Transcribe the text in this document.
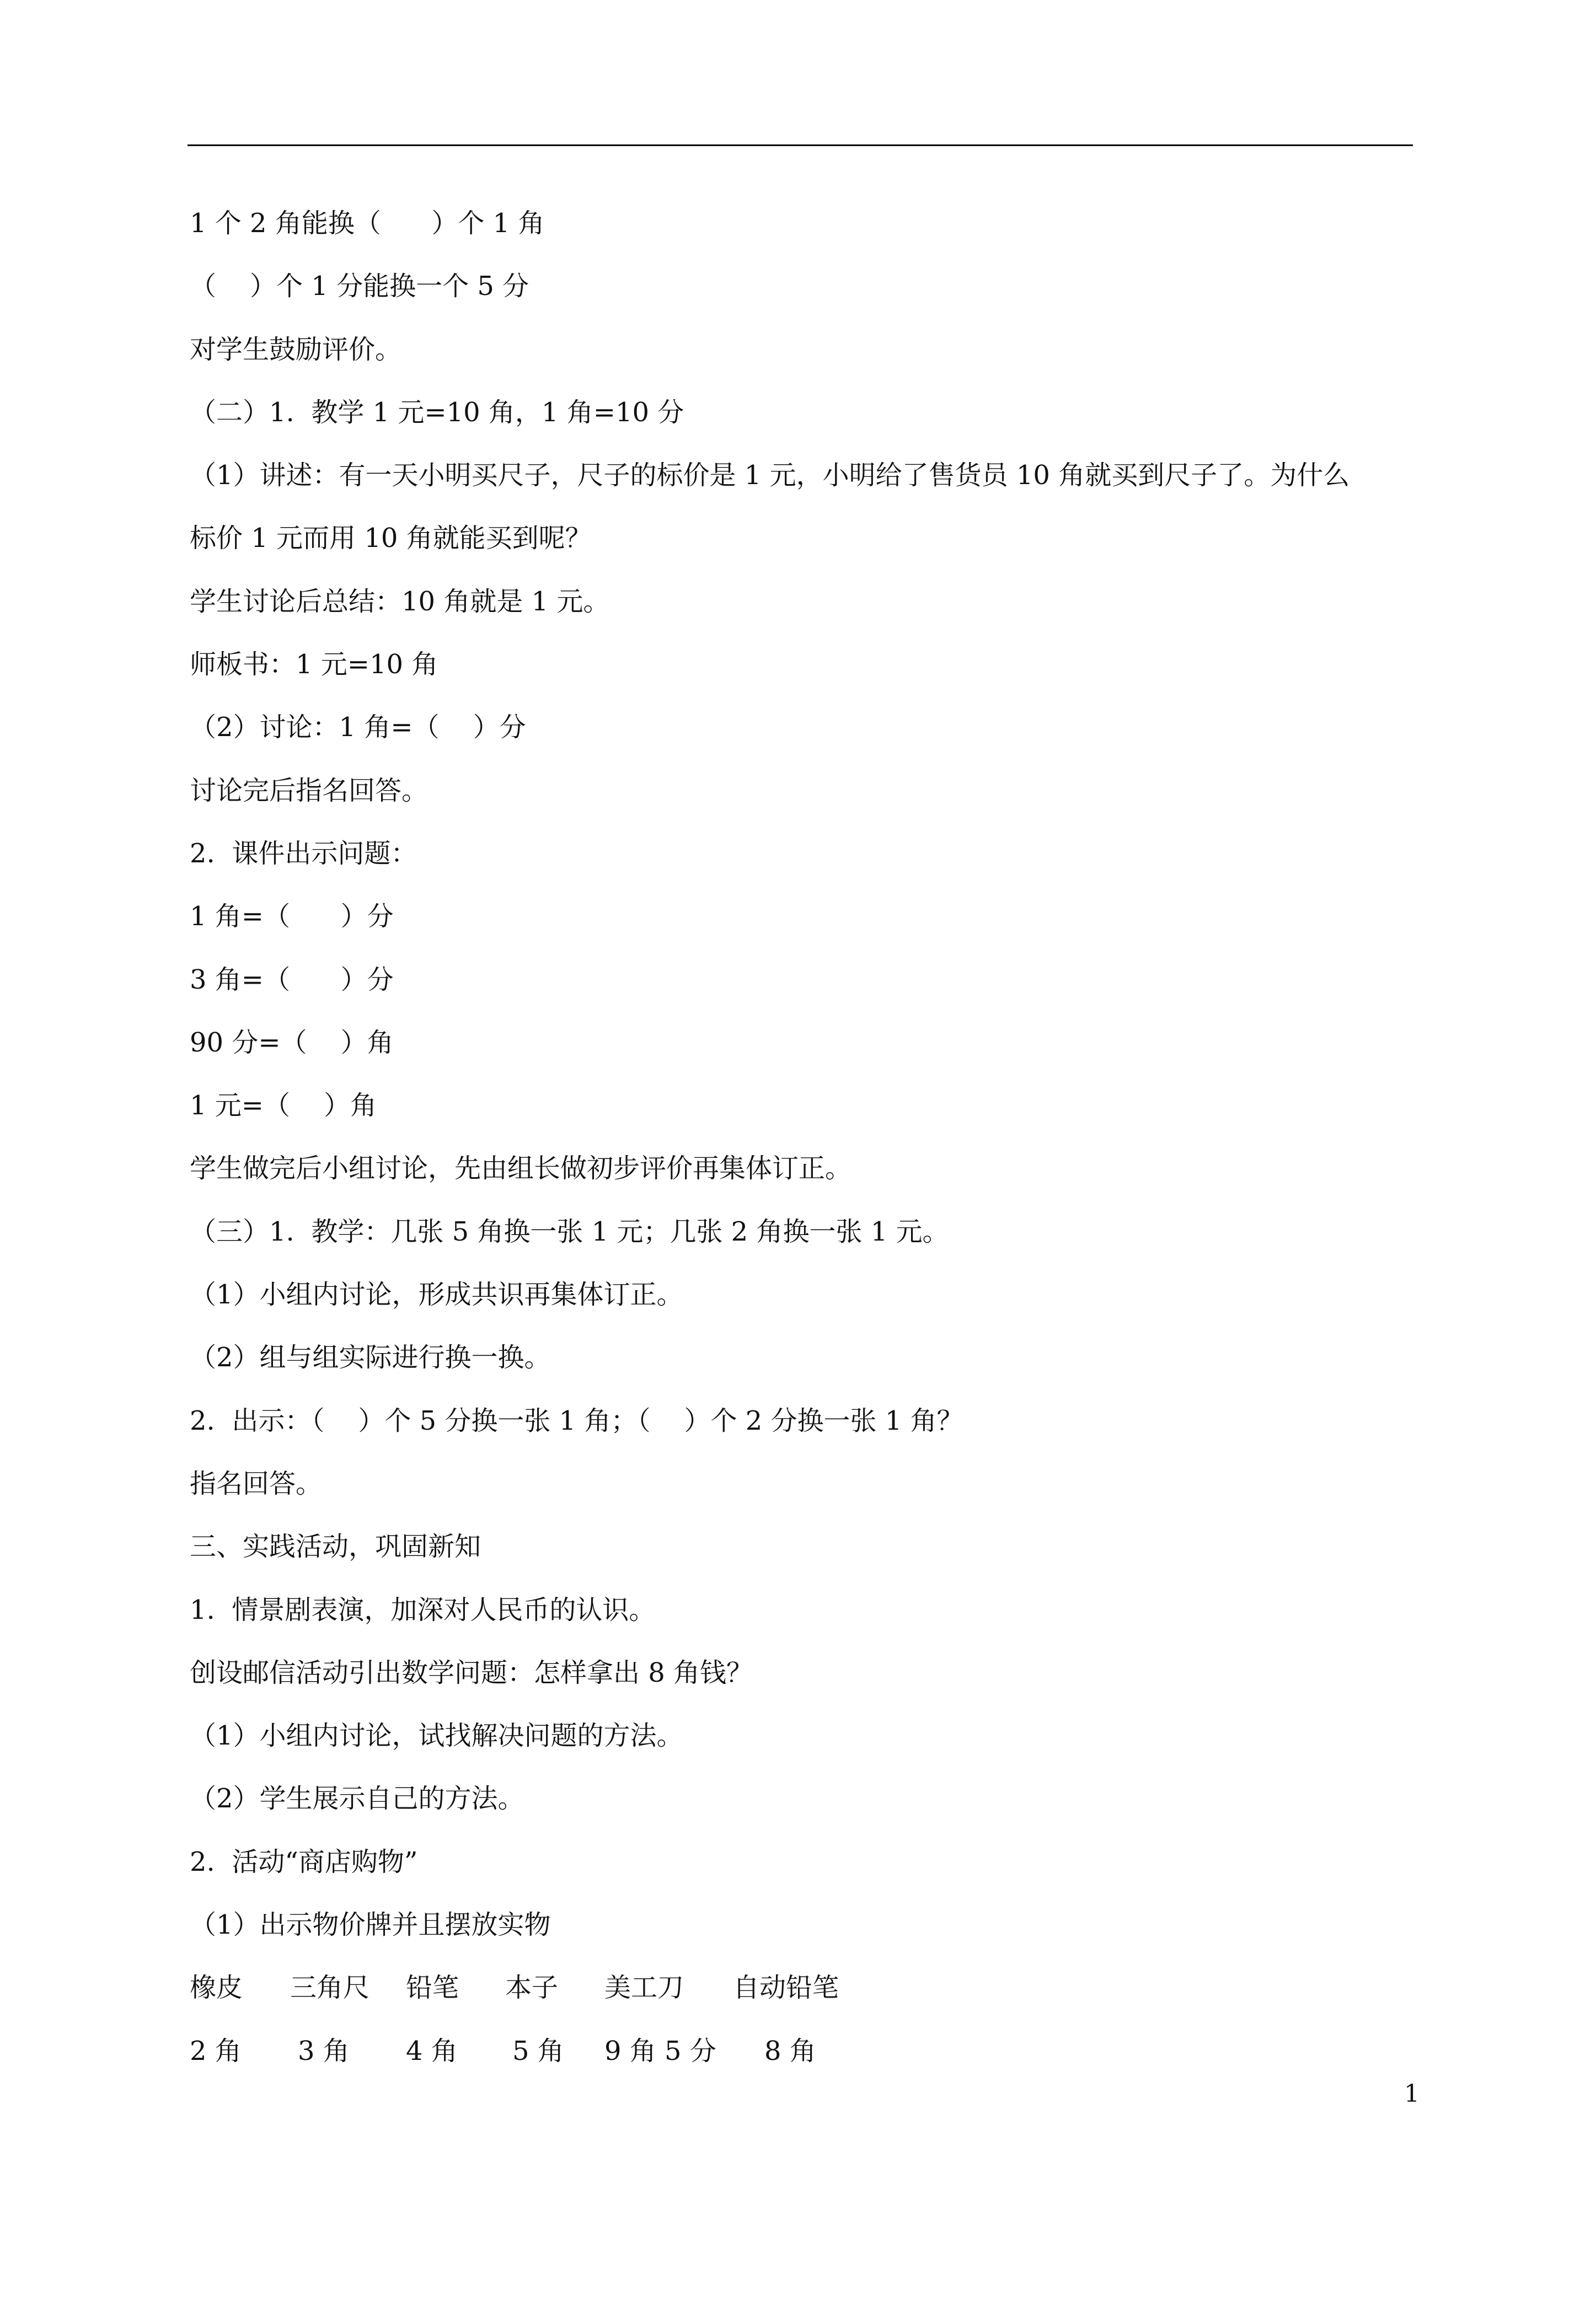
1 个 2 角能换（      ）个 1 角
（    ）个 1 分能换一个 5 分
对学生鼓励评价。
（二）1.  教学 1 元=10 角，1 角=10 分
（1）讲述：有一天小明买尺子，尺子的标价是 1 元，小明给了售货员 10 角就买到尺子了。为什么
标价 1 元而用 10 角就能买到呢？
学生讨论后总结：10 角就是 1 元。
师板书：1 元=10 角
（2）讨论：1 角=（    ）分
讨论完后指名回答。
2.  课件出示问题：
1 角=（      ）分
3 角=（      ）分
90 分=（    ）角
1 元=（    ）角
学生做完后小组讨论，先由组长做初步评价再集体订正。
（三）1.  教学：几张 5 角换一张 1 元；几张 2 角换一张 1 元。
（1）小组内讨论，形成共识再集体订正。
（2）组与组实际进行换一换。
2.  出示：（    ）个 5 分换一张 1 角；（    ）个 2 分换一张 1 角？
指名回答。
三、实践活动，巩固新知
1.  情景剧表演，加深对人民币的认识。
创设邮信活动引出数学问题：怎样拿出 8 角钱？
（1）小组内讨论，试找解决问题的方法。
（2）学生展示自己的方法。
2.  活动“商店购物”
（1）出示物价牌并且摆放实物

橡皮

三角尺

铅笔

本子

美工刀

自动铅笔

2 角

3 角

4 角

5 角

9 角 5 分

8 角

1
